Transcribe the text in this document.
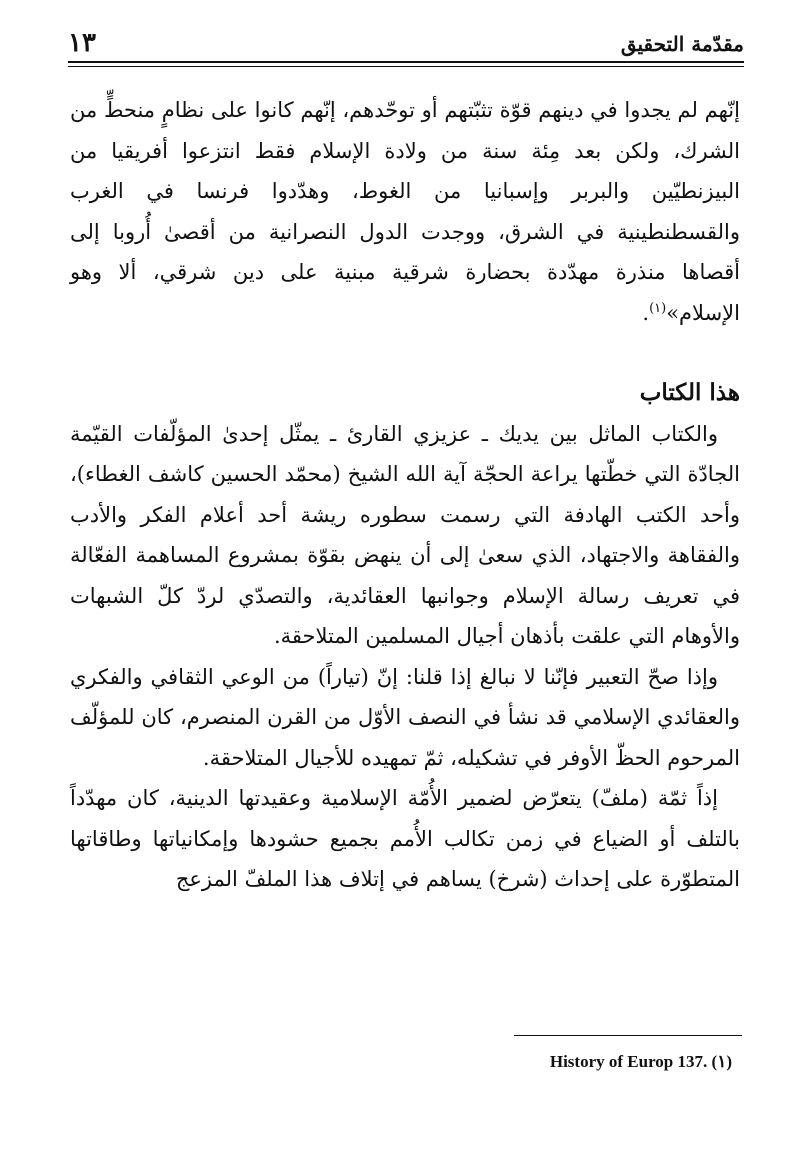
مقدّمة التحقيق
١٣

إنّهم لم يجدوا في دينهم قوّة تثبّتهم أو توحّدهم، إنّهم كانوا على نظامٍ منحطٍّ من الشرك، ولكن بعد مِئة سنة من ولادة الإسلام فقط انتزعوا أفريقيا من البيزنطيّين والبربر وإسبانيا من الغوط، وهدّدوا فرنسا في الغرب والقسطنطينية في الشرق، ووجدت الدول النصرانية من أقصىٰ أُروبا إلى أقصاها منذرة مهدّدة بحضارة شرقية مبنية على دين شرقي، ألا وهو الإسلام»$^{(١)}$.

هذا الكتاب

والكتاب الماثل بين يديك ـ عزيزي القارئ ـ يمثّل إحدىٰ المؤلّفات القيّمة الجادّة التي خطّتها يراعة الحجّة آية الله الشيخ (محمّد الحسين كاشف الغطاء)، وأحد الكتب الهادفة التي رسمت سطوره ريشة أحد أعلام الفكر والأدب والفقاهة والاجتهاد، الذي سعىٰ إلى أن ينهض بقوّة بمشروع المساهمة الفعّالة في تعريف رسالة الإسلام وجوانبها العقائدية، والتصدّي لردّ كلّ الشبهات والأوهام التي علقت بأذهان أجيال المسلمين المتلاحقة.

وإذا صحّ التعبير فإنّنا لا نبالغ إذا قلنا: إنّ (تياراً) من الوعي الثقافي والفكري والعقائدي الإسلامي قد نشأ في النصف الأوّل من القرن المنصرم، كان للمؤلّف المرحوم الحظّ الأوفر في تشكيله، ثمّ تمهيده للأجيال المتلاحقة.

إذاً ثمّة (ملفّ) يتعرّض لضمير الأُمّة الإسلامية وعقيدتها الدينية، كان مهدّداً بالتلف أو الضياع في زمن تكالب الأُمم بجميع حشودها وإمكانياتها وطاقاتها المتطوّرة على إحداث (شرخ) يساهم في إتلاف هذا الملفّ المزعج

(١) History of Europ 137.
